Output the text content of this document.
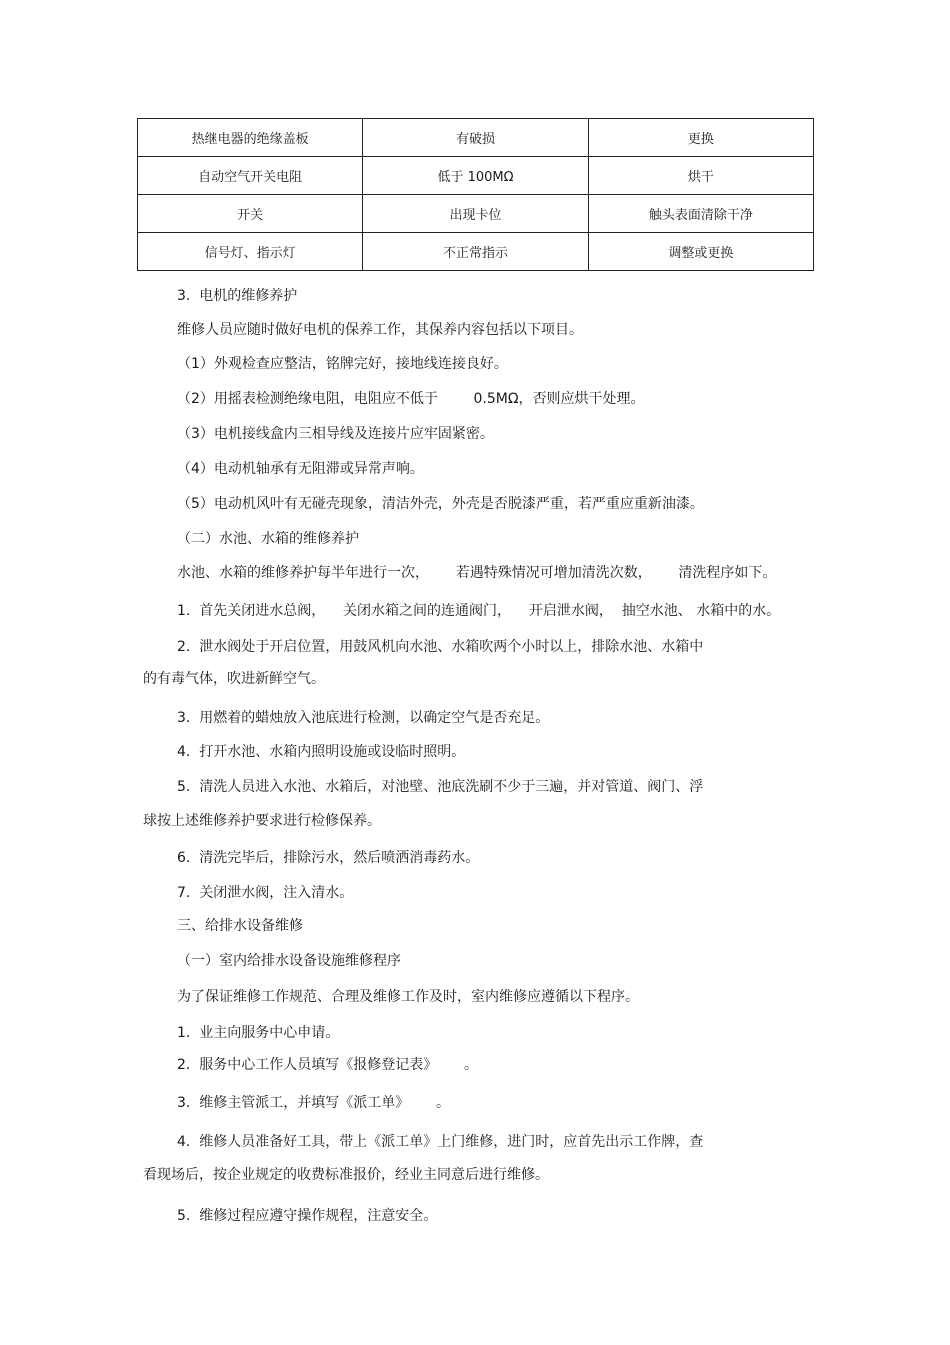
热继电器的绝缘盖板	有破损	更换
自动空气开关电阻	低于 100MΩ	烘干
开关	出现卡位	触头表面清除干净
信号灯、指示灯	不正常指示	调整或更换
3.  电机的维修养护
维修人员应随时做好电机的保养工作，其保养内容包括以下项目。
（1）外观检查应整洁，铭牌完好，接地线连接良好。
（2）用摇表检测绝缘电阻，电阻应不低于        0.5MΩ，否则应烘干处理。
（3）电机接线盒内三相导线及连接片应牢固紧密。
（4）电动机轴承有无阻滞或异常声响。
（5）电动机风叶有无碰壳现象，清洁外壳，外壳是否脱漆严重，若严重应重新油漆。
（二）水池、水箱的维修养护
水池、水箱的维修养护每半年进行一次，      若遇特殊情况可增加清洗次数，      清洗程序如下。
1.  首先关闭进水总阀，    关闭水箱之间的连通阀门，    开启泄水阀，  抽空水池、 水箱中的水。
2.  泄水阀处于开启位置，用鼓风机向水池、水箱吹两个小时以上，排除水池、水箱中
的有毒气体，吹进新鲜空气。
3.  用燃着的蜡烛放入池底进行检测，以确定空气是否充足。
4.  打开水池、水箱内照明设施或设临时照明。
5.  清洗人员进入水池、水箱后，对池壁、池底洗刷不少于三遍，并对管道、阀门、浮
球按上述维修养护要求进行检修保养。
6.  清洗完毕后，排除污水，然后喷洒消毒药水。
7.  关闭泄水阀，注入清水。
三、给排水设备维修
（一）室内给排水设备设施维修程序
为了保证维修工作规范、合理及维修工作及时，室内维修应遵循以下程序。
1.  业主向服务中心申请。
2.  服务中心工作人员填写《报修登记表》      。
3.  维修主管派工，并填写《派工单》      。
4.  维修人员准备好工具，带上《派工单》上门维修，进门时，应首先出示工作牌，查
看现场后，按企业规定的收费标准报价，经业主同意后进行维修。
5.  维修过程应遵守操作规程，注意安全。
